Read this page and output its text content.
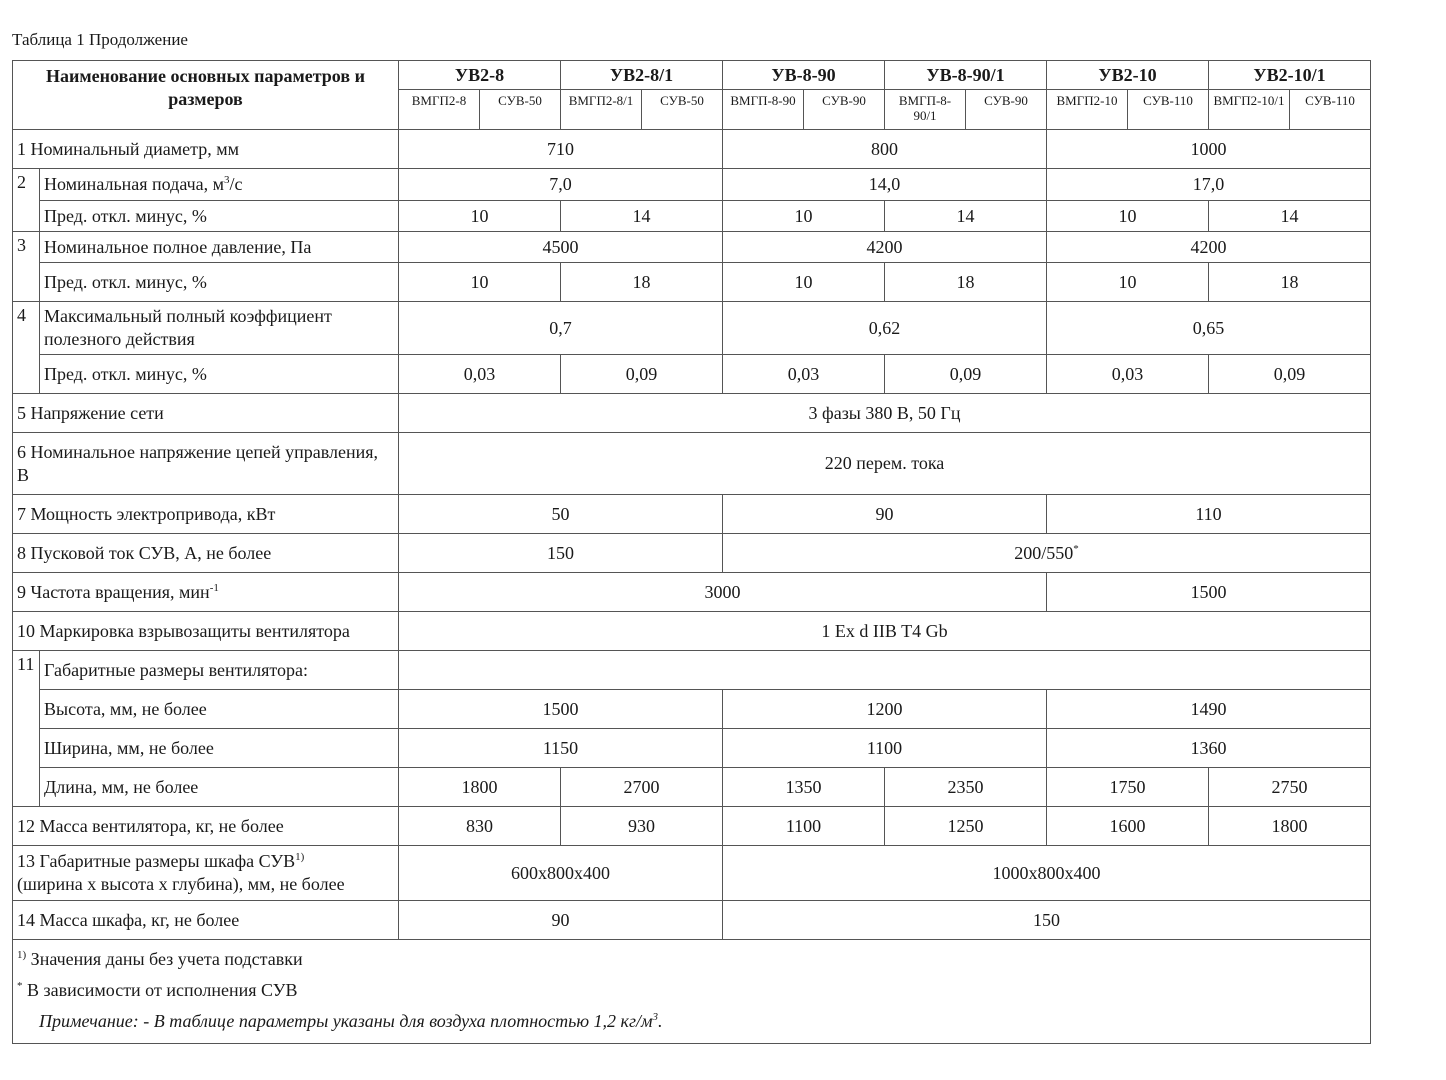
Таблица 1 Продолжение
Наименование основных параметров и размеров		УВ2-8		УВ2-8/1		УВ-8-90		УВ-8-90/1		УВ2-10		УВ2-10/1	
		ВМГП2-8	СУВ-50	ВМГП2-8/1	СУВ-50	ВМГП-8-90	СУВ-90	ВМГП-8-90/1	СУВ-90	ВМГП2-10	СУВ-110	ВМГП2-10/1	СУВ-110
1 Номинальный диаметр, мм		710				800				1000			
2	Номинальная подача, $м^3/с$	7,0				14,0				17,0			
	Пред. откл. минус, %	10		14		10		14		10		14	
3	Номинальное полное давление, Па	4500				4200				4200			
	Пред. откл. минус, %	10		18		10		18		10		18	
4	Максимальный полный коэффициент полезного действия	0,7				0,62				0,65			
	Пред. откл. минус, %	0,03		0,09		0,03		0,09		0,03		0,09	
5 Напряжение сети		3 фазы 380 В, 50 Гц											
6 Номинальное напряжение цепей управления, В		220 перем. тока											
7 Мощность электропривода, кВт		50				90				110			
8 Пусковой ток СУВ, А, не более		150				200/550*
9 Частота вращения, мин$^{-1}$		3000								1500			
10 Маркировка взрывозащиты вентилятора		1 Ex d IIB T4 Gb											
11	Габаритные размеры вентилятора:												
	Высота, мм, не более	1500				1200				1490			
	Ширина, мм, не более	1150				1100				1360			
	Длина, мм, не более	1800		2700		1350		2350		1750		2750	
12 Масса вентилятора, кг, не более		830		930		1100		1250		1600		1800	
13 Габаритные размеры шкафа СУВ$^{1)}$
(ширина х высота х глубина), мм, не более		600х800х400				1000х800х400							
14 Масса шкафа, кг, не более		90				150							

$^{1)}$ Значения даны без учета подставки
* В зависимости от исполнения СУВ
Примечание: - В таблице параметры указаны для воздуха плотностью 1,2 $кг/м^3$.													
